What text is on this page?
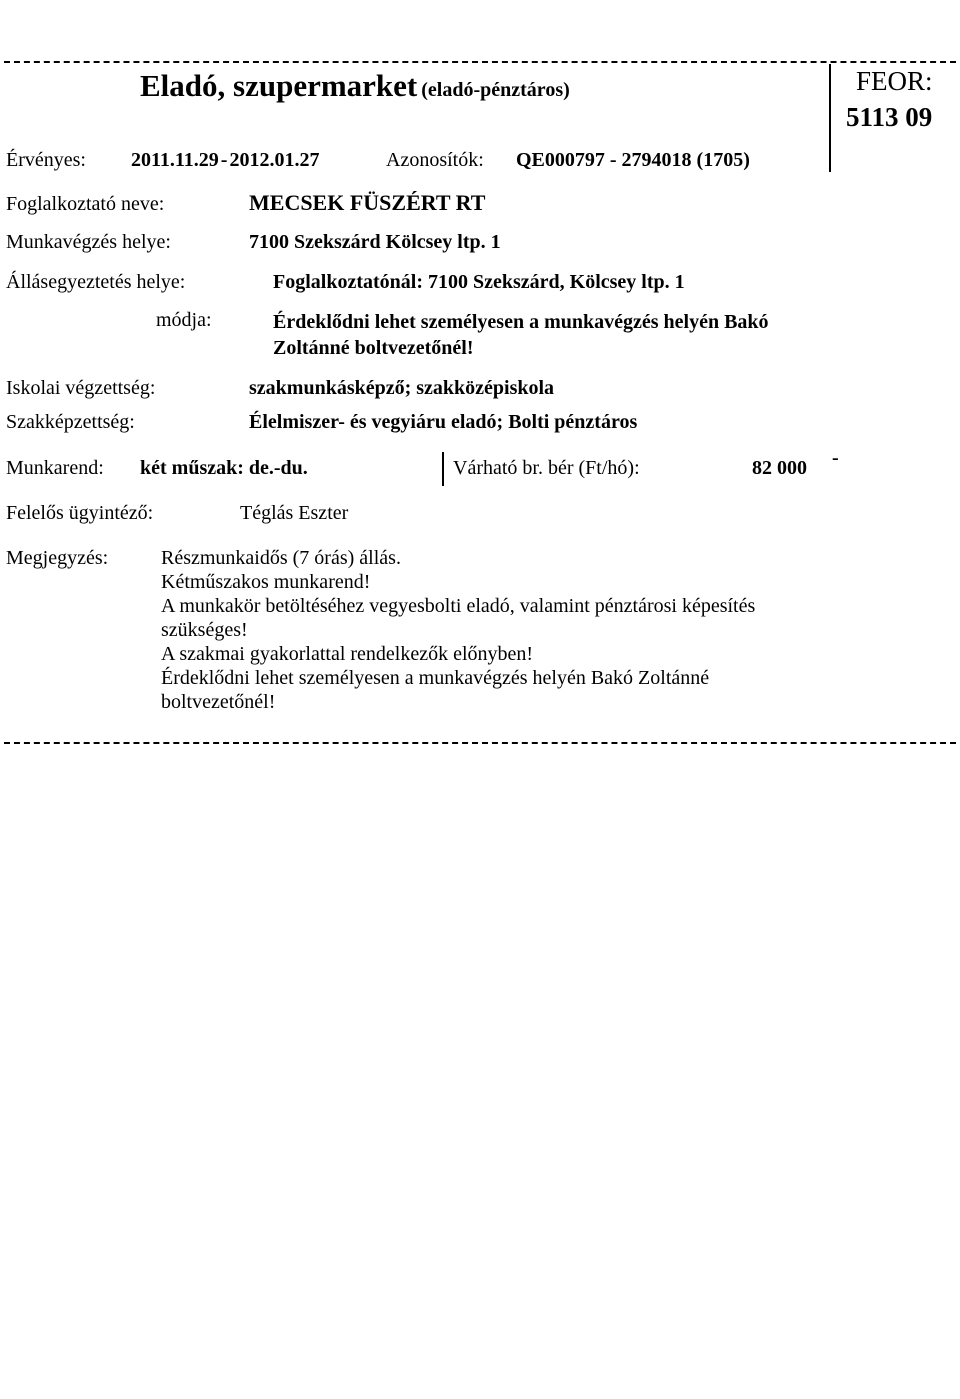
Eladó, szupermarket (eladó-pénztáros)	FEOR:
5113 09
Érvényes: 2011.11.29 - 2012.01.27	Azonosítók: QE000797 - 2794018 (1705)
Foglalkoztató neve:	MECSEK FÜSZÉRT RT
Munkavégzés helye:	7100 Szekszárd Kölcsey ltp. 1
Állásegyeztetés helye:	Foglalkoztatónál: 7100 Szekszárd, Kölcsey ltp. 1
módja:	Érdeklődni lehet személyesen a munkavégzés helyén Bakó
Zoltánné boltvezetőnél!
Iskolai végzettség:	szakmunkásképző; szakközépiskola
Szakképzettség:	Élelmiszer- és vegyiáru eladó; Bolti pénztáros
Munkarend: két műszak: de.-du.	Várható br. bér (Ft/hó):	82 000 -
Felelős ügyintéző:	Téglás Eszter
Megjegyzés:	Részmunkaidős (7 órás) állás.
Kétműszakos munkarend!
A munkakör betöltéséhez vegyesbolti eladó, valamint pénztárosi képesítés
szükséges!
A szakmai gyakorlattal rendelkezők előnyben!
Érdeklődni lehet személyesen a munkavégzés helyén Bakó Zoltánné
boltvezetőnél!
